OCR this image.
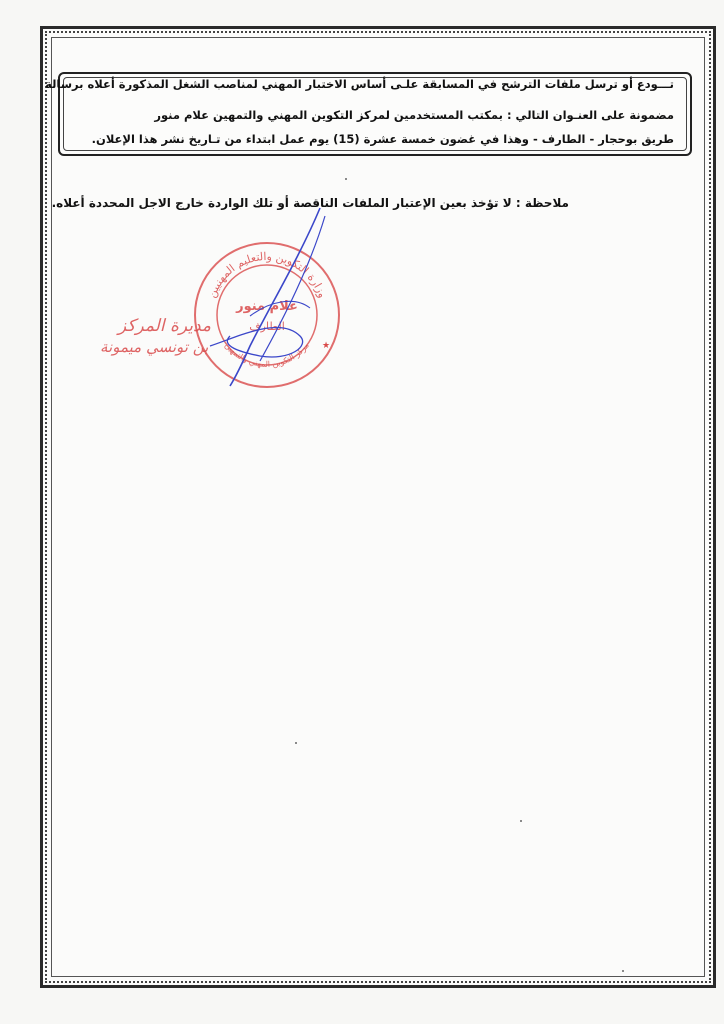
تـــودع أو ترسل ملفات الترشح في المسابقة علـى أساس الاختبار المهني لمناصب الشغل المذكورة أعلاه برسالة
مضمونة على العنـوان التالي : بمكتب المستخدمين لمركز التكوين المهني والتمهين علام منور
طريق بوحجار - الطارف - وهذا في غضون خمسة عشرة (15) يوم عمل ابتداء من تـاريخ نشر هذا الإعلان.
ملاحظة : لا تؤخذ بعين الإعتبار الملفات الناقصة أو تلك الواردة خارج الاجل المحددة أعلاه.
وزارة التكوين والتعليم المهنيين
مركز التكوين المهني والتمهين
علام منور
الطارف
★
مديرة المركز
بن تونسي ميمونة
